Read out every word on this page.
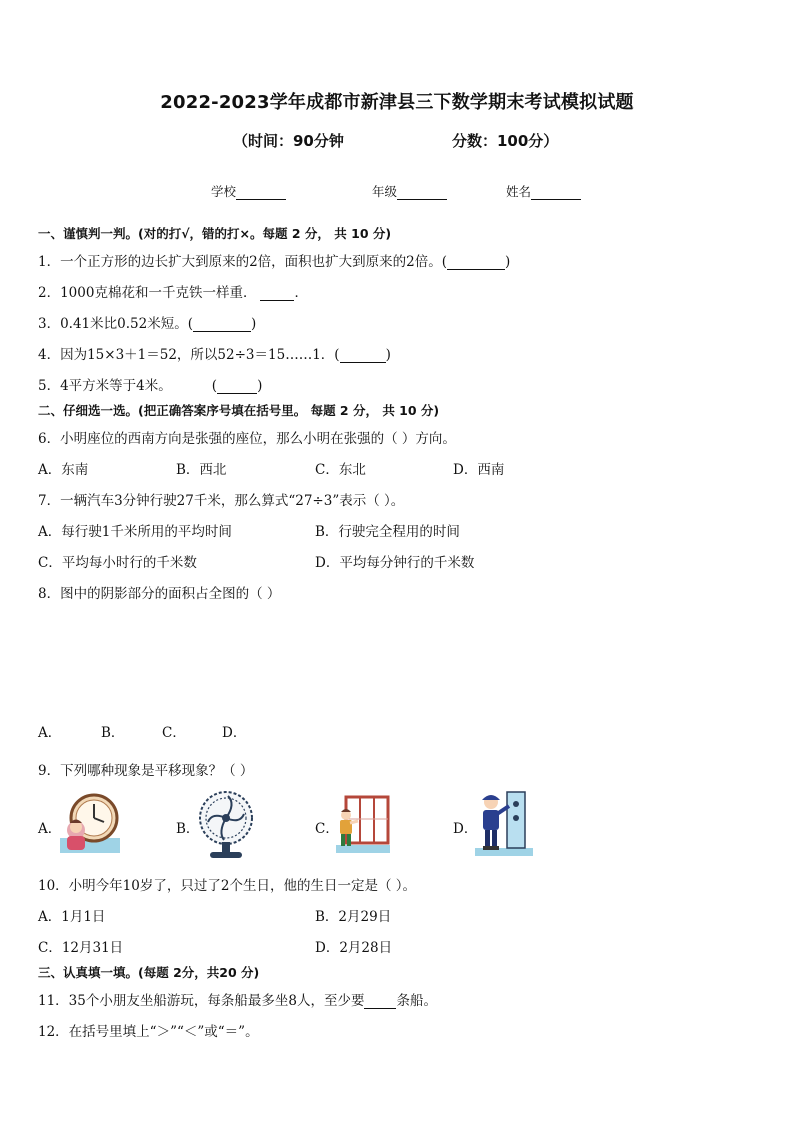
2022-2023学年成都市新津县三下数学期末考试模拟试题
（时间：90分钟	分数：100分）
学校	年级	姓名
一、谨慎判一判。(对的打√，错的打×。每题 2 分， 共 10 分)
1．一个正方形的边长扩大到原来的2倍，面积也扩大到原来的2倍。(	)
2．1000克棉花和一千克铁一样重．	．
3．0.41米比0.52米短。(	)
4．因为15×3＋1＝52，所以52÷3＝15……1．(	)
5．4平方米等于4米。	(	)
二、仔细选一选。(把正确答案序号填在括号里。 每题 2 分， 共 10 分)
6．小明座位的西南方向是张强的座位，那么小明在张强的（ ）方向。
A．东南	B．西北	C．东北	D．西南
7．一辆汽车3分钟行驶27千米，那么算式“27÷3”表示（ ）。
A．每行驶1千米所用的平均时间	B．行驶完全程用的时间
C．平均每小时行的千米数	D．平均每分钟行的千米数
8．图中的阴影部分的面积占全图的（ ）
A．	B．	C．	D．
9．下列哪种现象是平移现象？（ ）
A．	B．	C．	D．
10．小明今年10岁了，只过了2个生日，他的生日一定是（ ）。
A．1月1日	B．2月29日
C．12月31日	D．2月28日
三、认真填一填。(每题 2分，共20 分)
11．35个小朋友坐船游玩，每条船最多坐8人，至少要 条船。
12．在括号里填上“＞”“＜”或“＝”。
